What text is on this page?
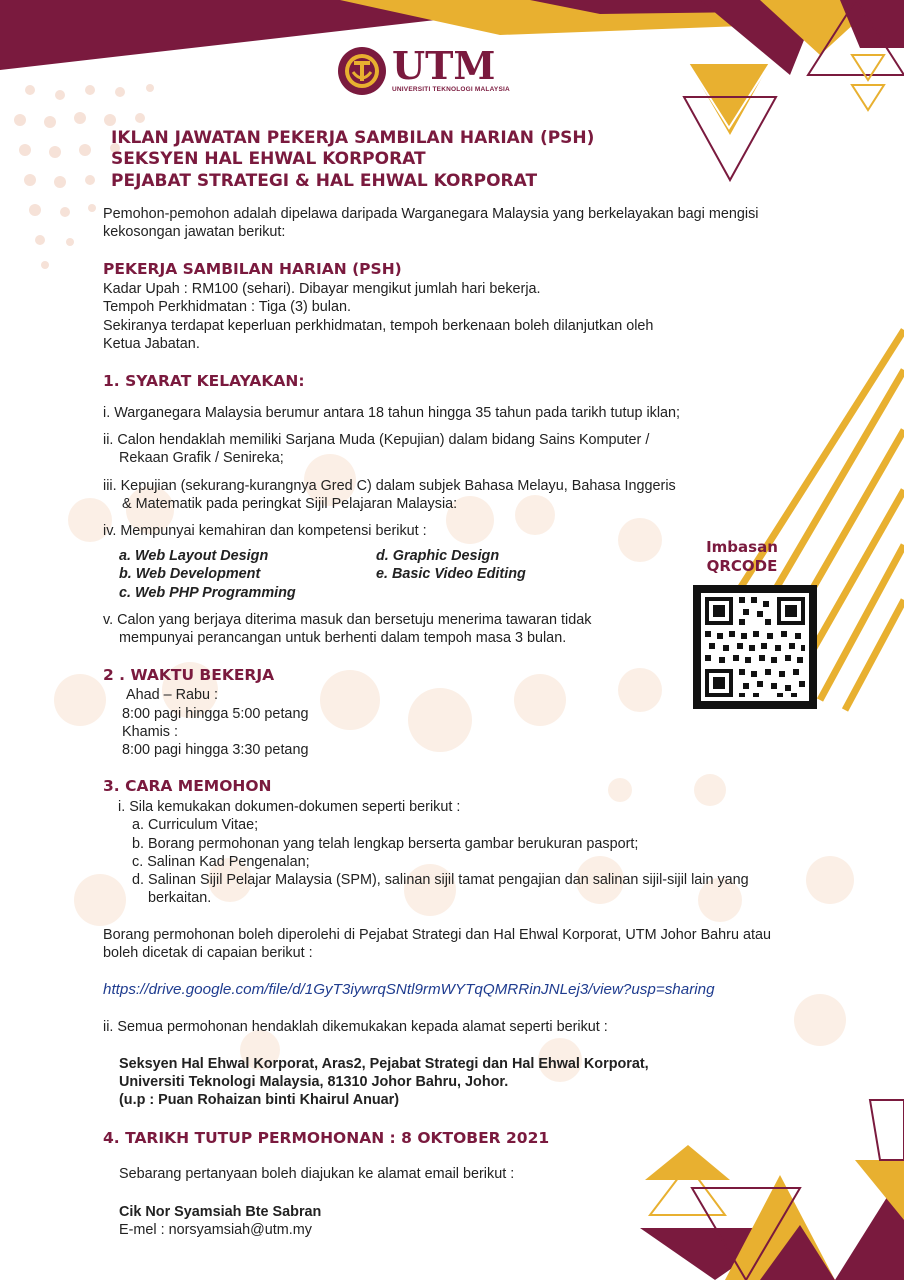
UTM
UNIVERSITI TEKNOLOGI MALAYSIA
IKLAN JAWATAN PEKERJA SAMBILAN HARIAN (PSH)
SEKSYEN HAL EHWAL KORPORAT
PEJABAT STRATEGI & HAL EHWAL KORPORAT
Pemohon-pemohon adalah dipelawa daripada Warganegara Malaysia yang berkelayakan bagi mengisi
kekosongan jawatan berikut:
PEKERJA SAMBILAN HARIAN (PSH)
Kadar Upah : RM100 (sehari). Dibayar mengikut jumlah hari bekerja.
Tempoh Perkhidmatan : Tiga (3) bulan.
Sekiranya terdapat keperluan perkhidmatan, tempoh berkenaan boleh dilanjutkan oleh
Ketua Jabatan.
1. SYARAT KELAYAKAN:
i. Warganegara Malaysia berumur antara 18 tahun hingga 35 tahun pada tarikh tutup iklan;
ii. Calon hendaklah memiliki Sarjana Muda (Kepujian) dalam bidang Sains Komputer /
Rekaan Grafik / Senireka;
iii. Kepujian (sekurang-kurangnya Gred C) dalam subjek Bahasa Melayu, Bahasa Inggeris
& Matematik pada peringkat Sijil Pelajaran Malaysia:
iv. Mempunyai kemahiran dan kompetensi berikut :
a. Web Layout Design
b. Web Development
c. Web PHP Programming
d. Graphic Design
e. Basic Video Editing
v. Calon yang berjaya diterima masuk dan bersetuju menerima tawaran tidak
mempunyai perancangan untuk berhenti dalam tempoh masa 3 bulan.
Imbasan
QRCODE
2 . WAKTU BEKERJA
Ahad – Rabu :
8:00 pagi hingga 5:00 petang
Khamis :
8:00 pagi hingga 3:30 petang
3. CARA MEMOHON
i. Sila kemukakan dokumen-dokumen seperti berikut :
a. Curriculum Vitae;
b. Borang permohonan yang telah lengkap berserta gambar berukuran pasport;
c. Salinan Kad Pengenalan;
d. Salinan Sijil Pelajar Malaysia (SPM), salinan sijil tamat pengajian dan salinan sijil-sijil lain yang
berkaitan.
Borang permohonan boleh diperolehi di Pejabat Strategi dan Hal Ehwal Korporat, UTM Johor Bahru atau
boleh dicetak di capaian berikut :
https://drive.google.com/file/d/1GyT3iywrqSNtl9rmWYTqQMRRinJNLej3/view?usp=sharing
ii. Semua permohonan hendaklah dikemukakan kepada alamat seperti berikut :
Seksyen Hal Ehwal Korporat, Aras2, Pejabat Strategi dan Hal Ehwal Korporat,
Universiti Teknologi Malaysia, 81310 Johor Bahru, Johor.
(u.p : Puan Rohaizan binti Khairul Anuar)
4. TARIKH TUTUP PERMOHONAN : 8 OKTOBER 2021
Sebarang pertanyaan boleh diajukan ke alamat email berikut :
Cik Nor Syamsiah Bte Sabran
E-mel : norsyamsiah@utm.my
